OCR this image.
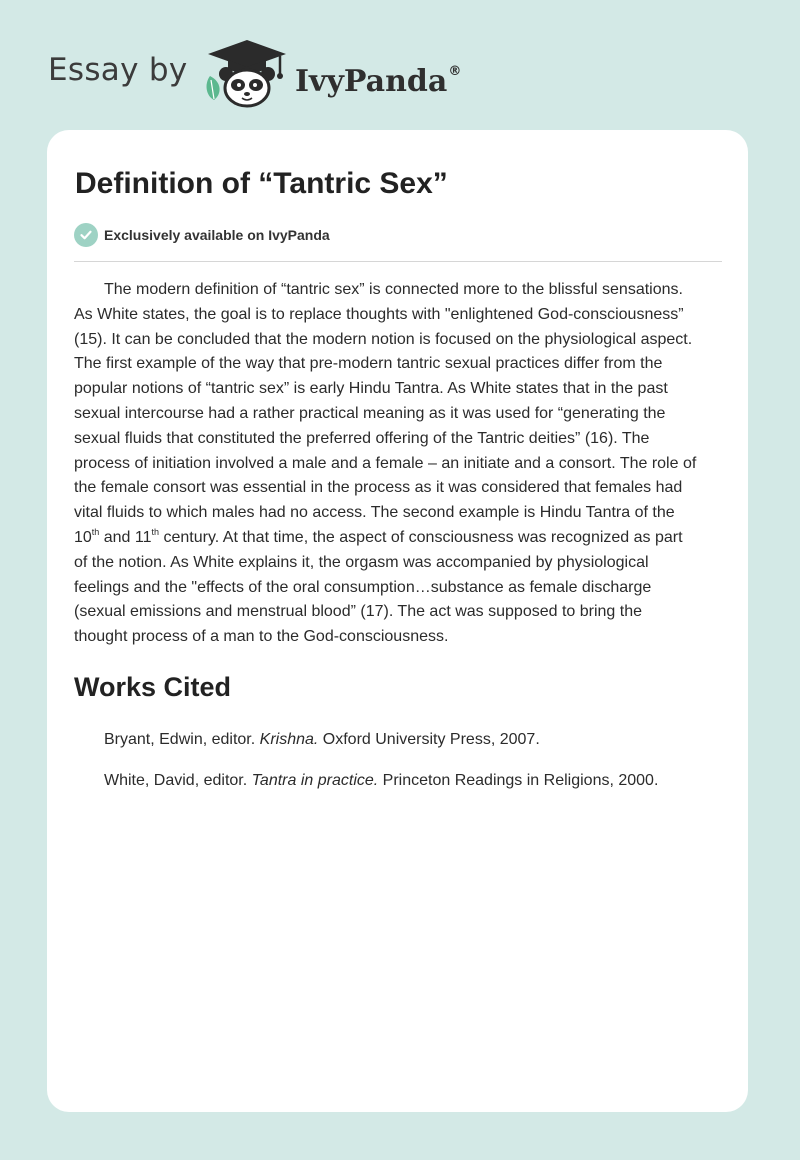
Essay by	IvyPanda®
Definition of “Tantric Sex”
Exclusively available on IvyPanda

The modern definition of “tantric sex” is connected more to the blissful sensations.
As White states, the goal is to replace thoughts with "enlightened God-consciousness”
(15). It can be concluded that the modern notion is focused on the physiological aspect.
The first example of the way that pre-modern tantric sexual practices differ from the
popular notions of “tantric sex” is early Hindu Tantra. As White states that in the past
sexual intercourse had a rather practical meaning as it was used for “generating the
sexual fluids that constituted the preferred offering of the Tantric deities” (16). The
process of initiation involved a male and a female – an initiate and a consort. The role of
the female consort was essential in the process as it was considered that females had
vital fluids to which males had no access. The second example is Hindu Tantra of the
10th and 11th century. At that time, the aspect of consciousness was recognized as part
of the notion. As White explains it, the orgasm was accompanied by physiological
feelings and the "effects of the oral consumption…substance as female discharge
(sexual emissions and menstrual blood” (17). The act was supposed to bring the
thought process of a man to the God-consciousness.

Works Cited
Bryant, Edwin, editor. Krishna. Oxford University Press, 2007.
White, David, editor. Tantra in practice. Princeton Readings in Religions, 2000.
